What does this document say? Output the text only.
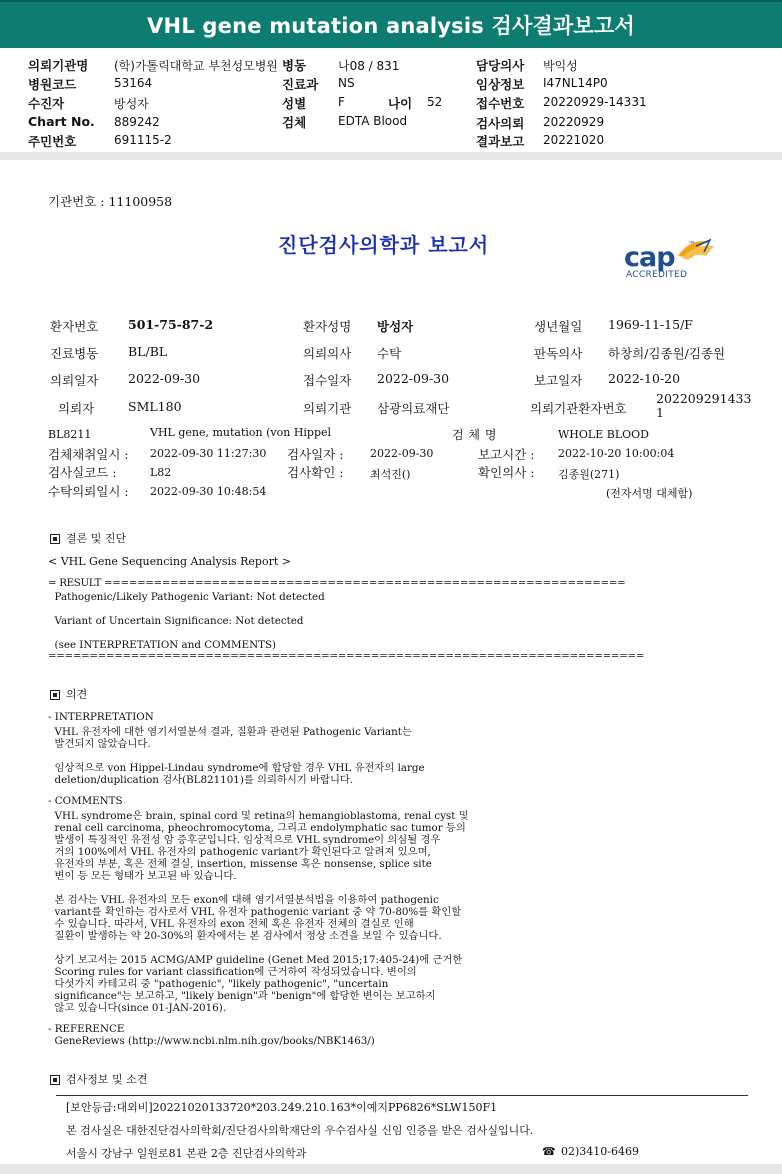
VHL gene mutation analysis 검사결과보고서
의뢰기관명 (학)가톨릭대학교 부천성모병원 병동	나08 / 831	담당의사 박익성
병원코드	53164	진료과 NS	임상정보 I47NL14P0
수진자	방성자	성별	F	나이 52	접수번호 20220929-14331
Chart No. 889242	검체	EDTA Blood	검사의뢰 20220929
주민번호	691115-2	결과보고 20221020
기관번호 : 11100958
진단검사의학과 보고서	cap ™
ACCREDITED
환자번호 501-75-87-2	환자성명 방성자	생년월일 1969-11-15/F
진료병동 BL/BL	의뢰의사 수탁	판독의사 하창희/김종원/김종원
의뢰일자 2022-09-30	접수일자 2022-09-30	보고일자 2022-10-20
의뢰자	SML180	의뢰기관 삼광의료재단	의뢰기관환자번호
202209291433
1
BL8211	VHL gene, mutation (von Hippel	검 체 명	WHOLE BLOOD
검체채취일시 : 2022-09-30 11:27:30 검사일자 : 2022-09-30	보고시간 : 2022-10-20 10:00:04
검사실코드 :	L82	검사확인 : 최석진()	확인의사 : 김종원(271)
수탁의뢰일시 : 2022-09-30 10:48:54	(전자서명 대체함)
결론 및 진단
< VHL Gene Sequencing Analysis Report >
= RESULT ===============================================================
Pathogenic/Likely Pathogenic Variant: Not detected
Variant of Uncertain Significance: Not detected
(see INTERPRETATION and COMMENTS)
========================================================================
의견
- INTERPRETATION
VHL 유전자에 대한 염기서열분석 결과, 질환과 관련된 Pathogenic Variant는
발견되지 않았습니다.
임상적으로 von Hippel-Lindau syndrome에 합당할 경우 VHL 유전자의 large
deletion/duplication 검사(BL821101)를 의뢰하시기 바랍니다.
- COMMENTS
VHL syndrome은 brain, spinal cord 및 retina의 hemangioblastoma, renal cyst 및
renal cell carcinoma, pheochromocytoma, 그리고 endolymphatic sac tumor 등의
발생이 특징적인 유전성 암 증후군입니다. 임상적으로 VHL syndrome이 의심될 경우
거의 100%에서 VHL 유전자의 pathogenic variant가 확인된다고 알려져 있으며,
유전자의 부분, 혹은 전체 결실, insertion, missense 혹은 nonsense, splice site
변이 등 모든 형태가 보고된 바 있습니다.
본 검사는 VHL 유전자의 모든 exon에 대해 염기서열분석법을 이용하여 pathogenic
variant를 확인하는 검사로서 VHL 유전자 pathogenic variant 중 약 70-80%를 확인할
수 있습니다. 따라서, VHL 유전자의 exon 전체 혹은 유전자 전체의 결실로 인해
질환이 발생하는 약 20-30%의 환자에서는 본 검사에서 정상 소견을 보일 수 있습니다.
상기 보고서는 2015 ACMG/AMP guideline (Genet Med 2015;17:405-24)에 근거한
Scoring rules for variant classification에 근거하여 작성되었습니다. 변이의
다섯가지 카테고리 중 "pathogenic", "likely pathogenic", "uncertain
significance"는 보고하고, "likely benign"과 "benign"에 합당한 변이는 보고하지
않고 있습니다(since 01-JAN-2016).
- REFERENCE
GeneReviews (http://www.ncbi.nlm.nih.gov/books/NBK1463/)
검사정보 및 소견
[보안등급:대외비]20221020133720*203.249.210.163*이예지PP6826*SLW150F1
본 검사실은 대한진단검사의학회/진단검사의학재단의 우수검사실 신임 인증을 받은 검사실입니다.
서울시 강남구 일원로81 본관 2층 진단검사의학과	☎ 02)3410-6469
